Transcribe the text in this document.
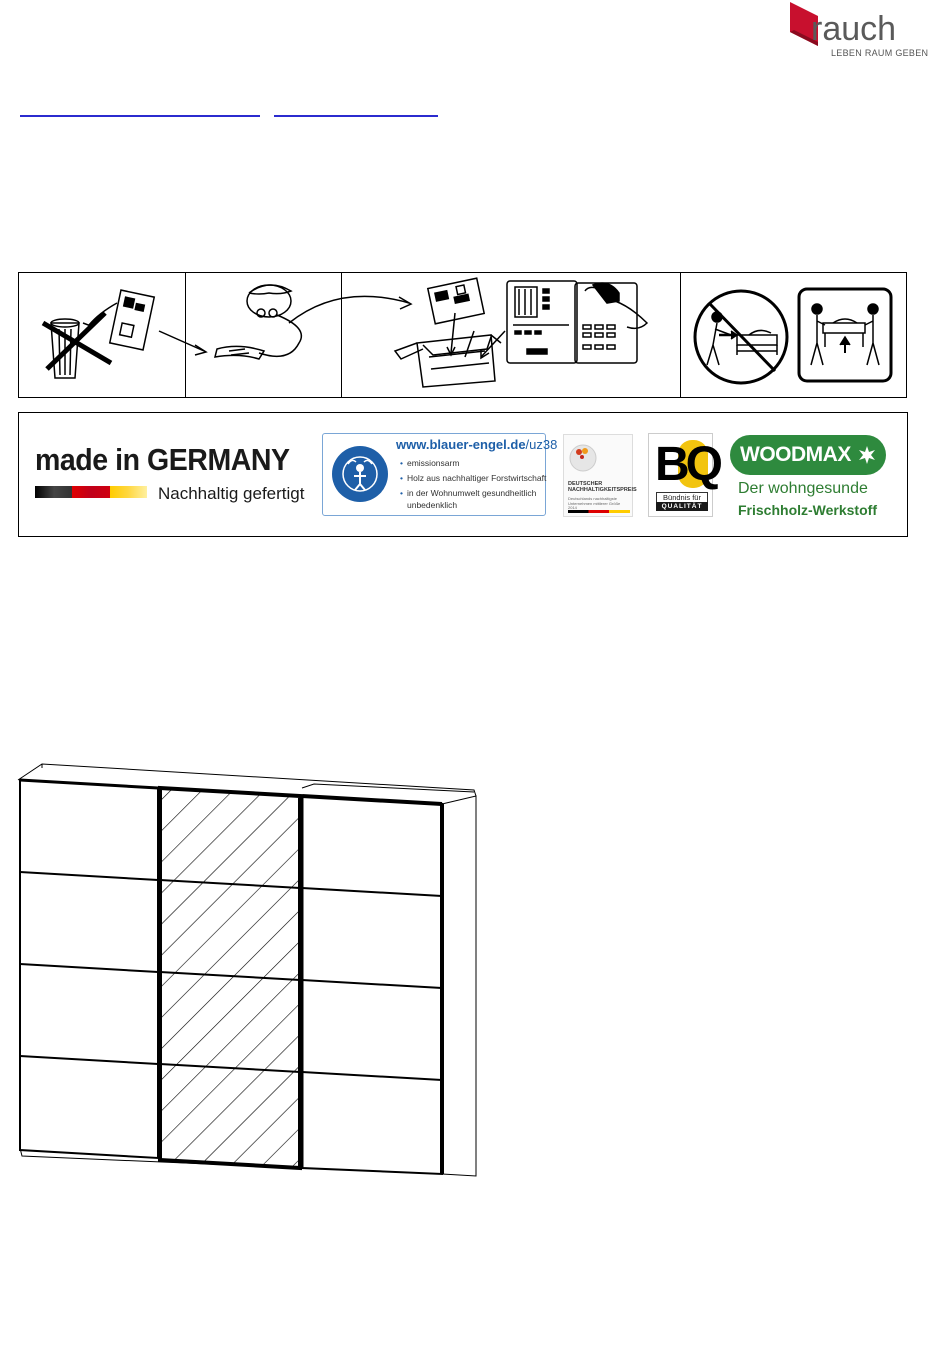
rauch
LEBEN RAUM GEBEN
made in GERMANY
Nachhaltig gefertigt
www.blauer-engel.de/uz38
• emissionsarm
• Holz aus nachhaltiger Forstwirtschaft
• in der Wohnumwelt gesundheitlich
unbedenklich
DEUTSCHER NACHHALTIGKEITSPREIS
Deutschlands nachhaltigste Unternehmen mittlerer Größe 2014
BQ
Bündnis für
QUALITÄT
WOODMAX
Der wohngesunde
Frischholz-Werkstoff
